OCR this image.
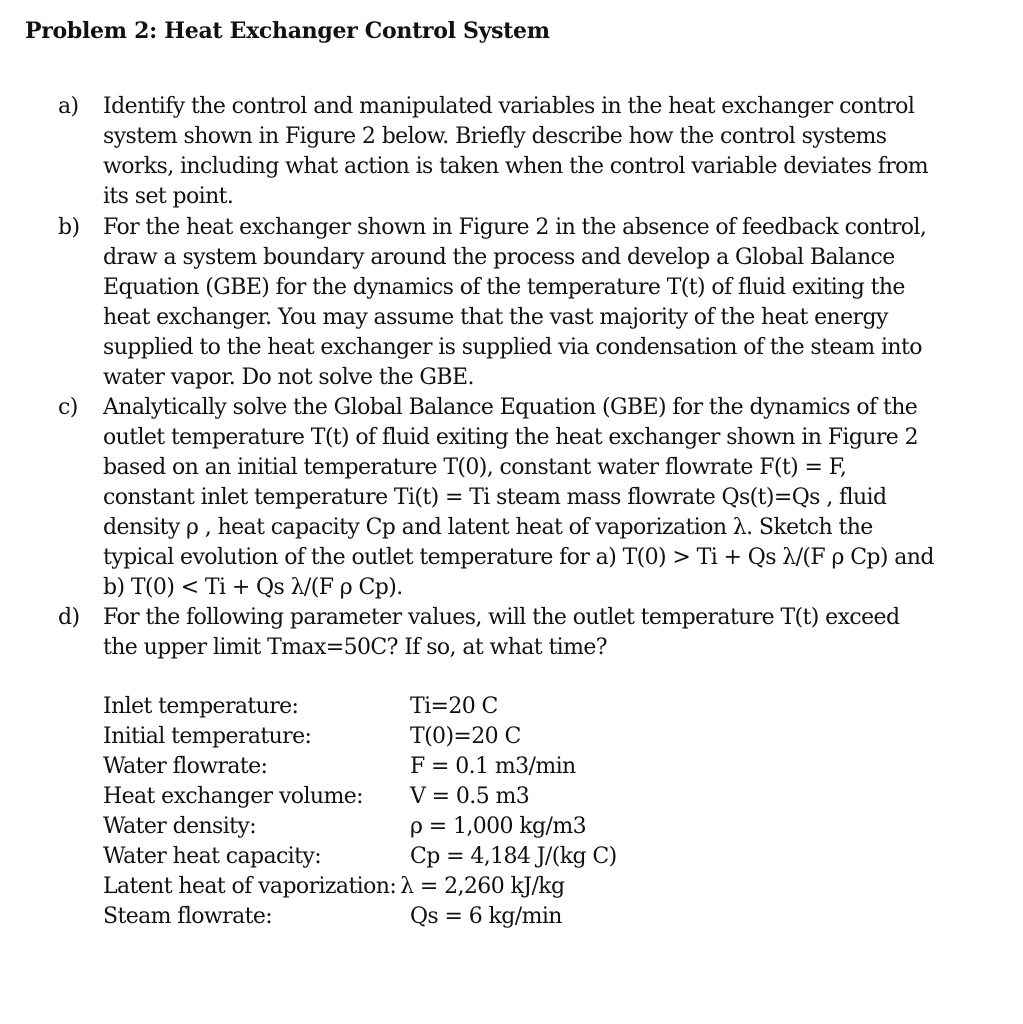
Problem 2: Heat Exchanger Control System
a)	Identify the control and manipulated variables in the heat exchanger control
system shown in Figure 2 below. Briefly describe how the control systems
works, including what action is taken when the control variable deviates from
its set point.
b)	For the heat exchanger shown in Figure 2 in the absence of feedback control,
draw a system boundary around the process and develop a Global Balance
Equation (GBE) for the dynamics of the temperature T(t) of fluid exiting the
heat exchanger. You may assume that the vast majority of the heat energy
supplied to the heat exchanger is supplied via condensation of the steam into
water vapor. Do not solve the GBE.
c)	Analytically solve the Global Balance Equation (GBE) for the dynamics of the
outlet temperature T(t) of fluid exiting the heat exchanger shown in Figure 2
based on an initial temperature T(0), constant water flowrate F(t) = F,
constant inlet temperature Ti(t) = Ti steam mass flowrate Qs(t)=Qs , fluid
density ρ , heat capacity Cp and latent heat of vaporization λ. Sketch the
typical evolution of the outlet temperature for a) T(0) > Ti + Qs λ/(F ρ Cp) and
b) T(0) < Ti + Qs λ/(F ρ Cp).
d)	For the following parameter values, will the outlet temperature T(t) exceed
the upper limit Tmax=50C? If so, at what time?
Inlet temperature:	Ti=20 C
Initial temperature:	T(0)=20 C
Water flowrate:	F = 0.1 m3/min
Heat exchanger volume:	V = 0.5 m3
Water density:	ρ = 1,000 kg/m3
Water heat capacity:	Cp = 4,184 J/(kg C)
Latent heat of vaporization: λ = 2,260 kJ/kg
Steam flowrate:	Qs = 6 kg/min
